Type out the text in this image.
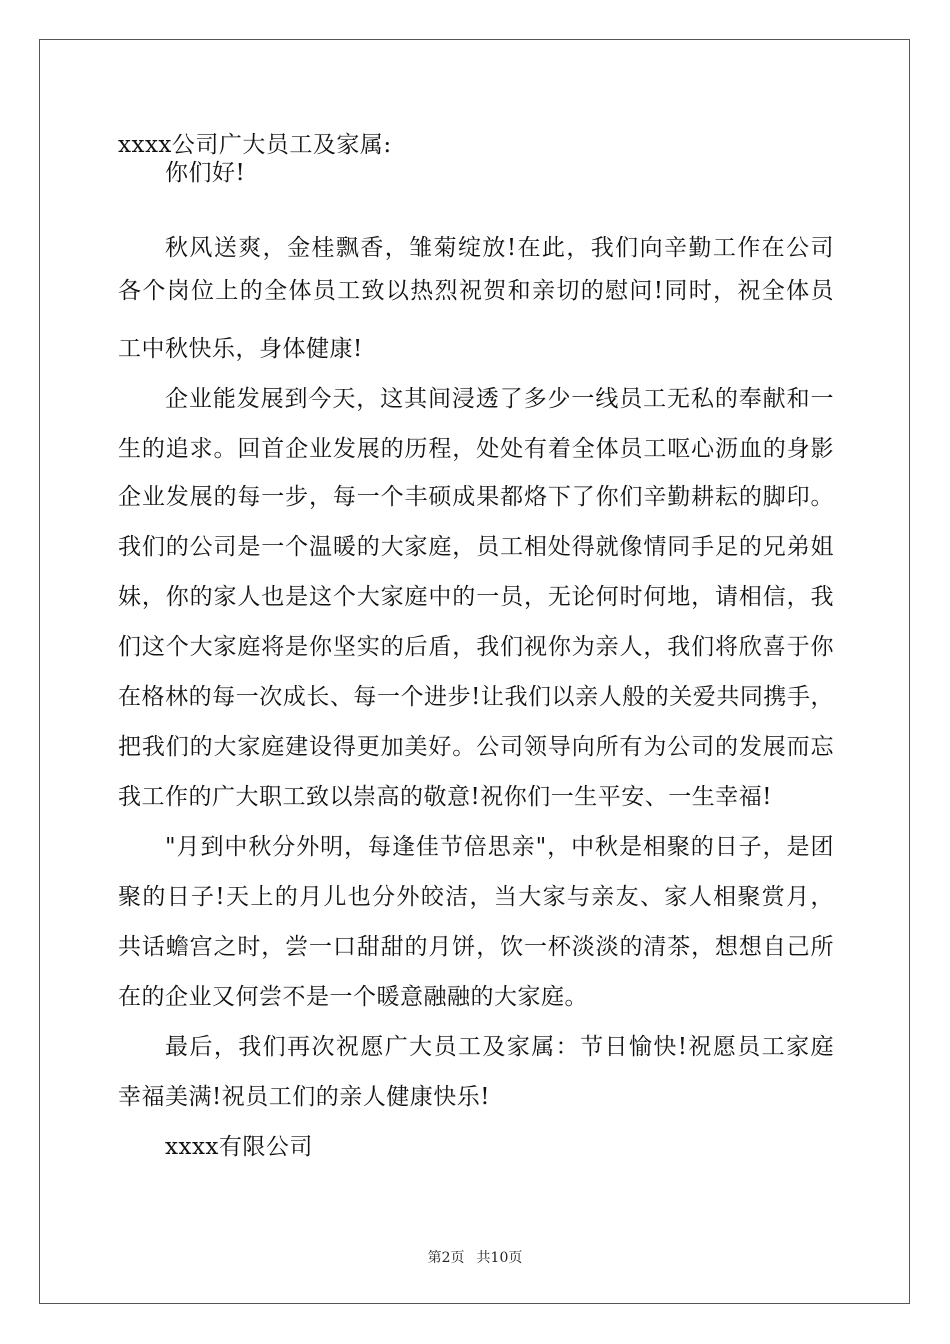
xxxx公司广大员工及家属:
你们好!
秋风送爽，金桂飘香，雏菊绽放!在此，我们向辛勤工作在公司
各个岗位上的全体员工致以热烈祝贺和亲切的慰问!同时，祝全体员
工中秋快乐，身体健康!
企业能发展到今天，这其间浸透了多少一线员工无私的奉献和一
生的追求。回首企业发展的历程，处处有着全体员工呕心沥血的身影
企业发展的每一步，每一个丰硕成果都烙下了你们辛勤耕耘的脚印。
我们的公司是一个温暖的大家庭，员工相处得就像情同手足的兄弟姐
妹，你的家人也是这个大家庭中的一员，无论何时何地，请相信，我
们这个大家庭将是你坚实的后盾，我们视你为亲人，我们将欣喜于你
在格林的每一次成长、每一个进步!让我们以亲人般的关爱共同携手，
把我们的大家庭建设得更加美好。公司领导向所有为公司的发展而忘
我工作的广大职工致以崇高的敬意!祝你们一生平安、一生幸福!
"月到中秋分外明，每逢佳节倍思亲"，中秋是相聚的日子，是团
聚的日子!天上的月儿也分外皎洁，当大家与亲友、家人相聚赏月，
共话蟾宫之时，尝一口甜甜的月饼，饮一杯淡淡的清茶，想想自己所
在的企业又何尝不是一个暖意融融的大家庭。
最后，我们再次祝愿广大员工及家属：节日愉快!祝愿员工家庭
幸福美满!祝员工们的亲人健康快乐!
xxxx有限公司
第2页 共10页
